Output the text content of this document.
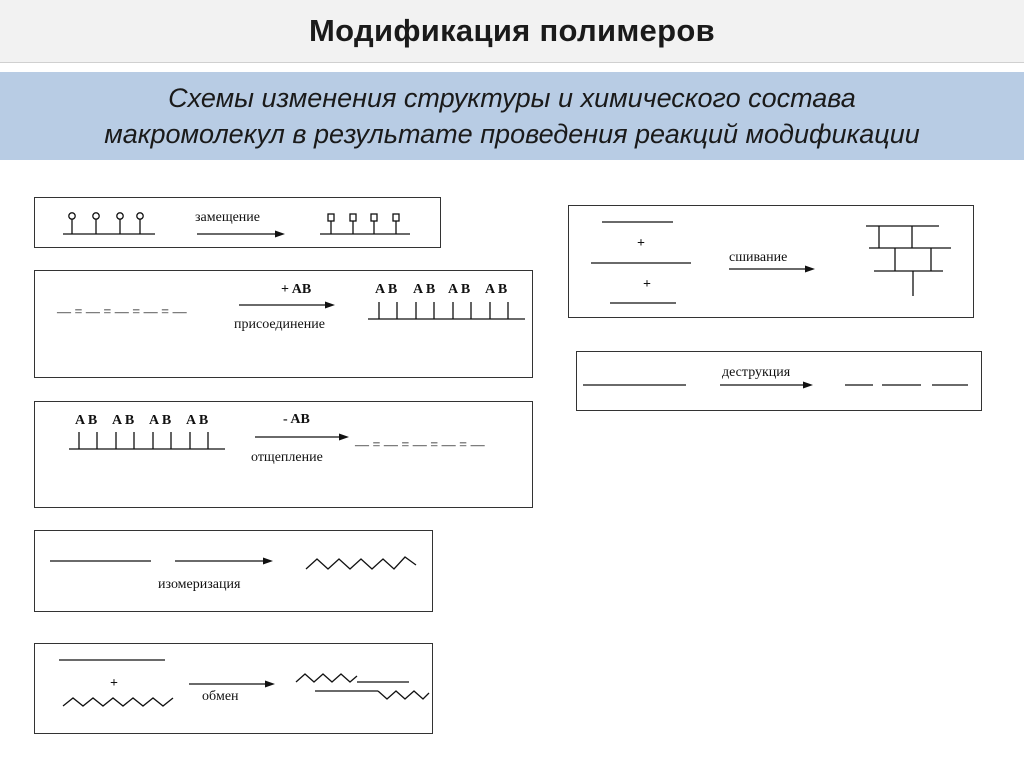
Модификация полимеров
Схемы изменения структуры и химического состава
макромолекул в результате проведения реакций модификации
замещение
— = — = — = — = —
+ AB
присоединение
A B A B A B A B
A B A B A B A B	- AB
отщепление
— = — = — = — = —
изомеризация
+
обмен
+
+
сшивание
деструкция
